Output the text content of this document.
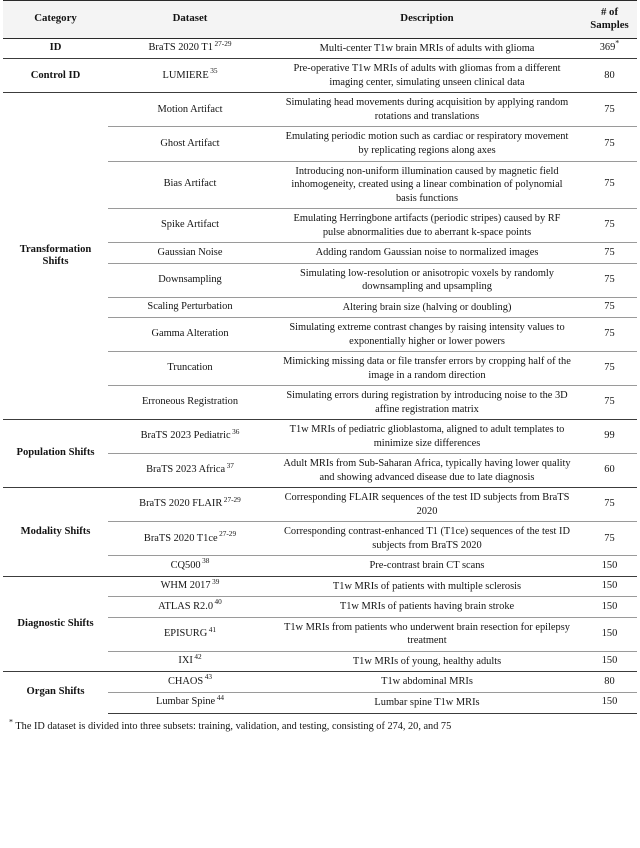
Category	Dataset	Description	# of
Samples
ID	BraTS 2020 T1 $^{27-29}$	Multi-center T1w brain MRIs of adults with glioma	369*
Control ID	LUMIERE $^{35}$	Pre-operative T1w MRIs of adults with gliomas from a different imaging center, simulating unseen clinical data	80
Transformation Shifts	Motion Artifact	Simulating head movements during acquisition by applying random rotations and translations	75
	Ghost Artifact	Emulating periodic motion such as cardiac or respiratory movement by replicating regions along axes	75
	Bias Artifact	Introducing non-uniform illumination caused by magnetic field inhomogeneity, created using a linear combination of polynomial basis functions	75
	Spike Artifact	Emulating Herringbone artifacts (periodic stripes) caused by RF pulse abnormalities due to aberrant k-space points	75
	Gaussian Noise	Adding random Gaussian noise to normalized images	75
	Downsampling	Simulating low-resolution or anisotropic voxels by randomly downsampling and upsampling	75
	Scaling Perturbation	Altering brain size (halving or doubling)	75
	Gamma Alteration	Simulating extreme contrast changes by raising intensity values to exponentially higher or lower powers	75
	Truncation	Mimicking missing data or file transfer errors by cropping half of the image in a random direction	75
	Erroneous Registration	Simulating errors during registration by introducing noise to the 3D affine registration matrix	75
Population Shifts	BraTS 2023 Pediatric $^{36}$	T1w MRIs of pediatric glioblastoma, aligned to adult templates to minimize size differences	99
	BraTS 2023 Africa $^{37}$	Adult MRIs from Sub-Saharan Africa, typically having lower quality and showing advanced disease due to late diagnosis	60
Modality Shifts	BraTS 2020 FLAIR $^{27-29}$	Corresponding FLAIR sequences of the test ID subjects from BraTS 2020	75
	BraTS 2020 T1ce $^{27-29}$	Corresponding contrast-enhanced T1 (T1ce) sequences of the test ID subjects from BraTS 2020	75
	CQ500 $^{38}$	Pre-contrast brain CT scans	150
Diagnostic Shifts	WHM 2017 $^{39}$	T1w MRIs of patients with multiple sclerosis	150
	ATLAS R2.0 $^{40}$	T1w MRIs of patients having brain stroke	150
	EPISURG $^{41}$	T1w MRIs from patients who underwent brain resection for epilepsy treatment	150
	IXI $^{42}$	T1w MRIs of young, healthy adults	150
Organ Shifts	CHAOS $^{43}$	T1w abdominal MRIs	80
	Lumbar Spine $^{44}$	Lumbar spine T1w MRIs	150
* The ID dataset is divided into three subsets: training, validation, and testing, consisting of 274, 20, and 75
